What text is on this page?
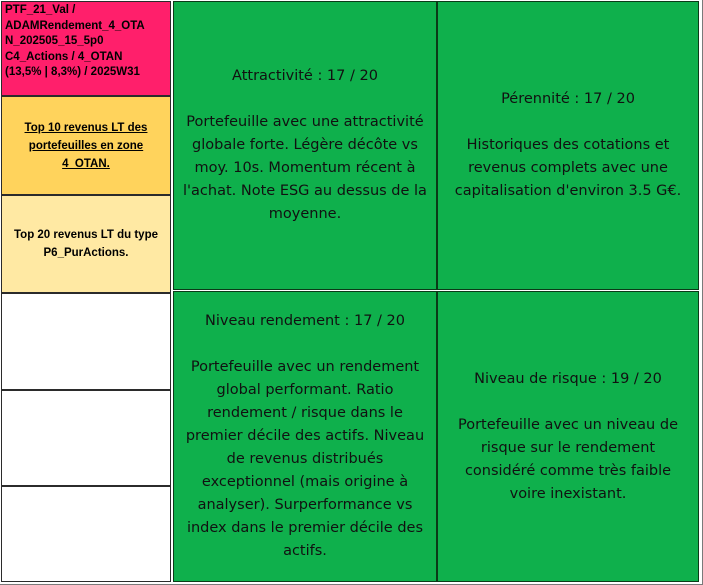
PTF_21_Val /
ADAMRendement_4_OTA
N_202505_15_5p0
C4_Actions / 4_OTAN
(13,5% | 8,3%) / 2025W31
Top 10 revenus LT des portefeuilles en zone 4_OTAN.
Top 20 revenus LT du type P6_PurActions.
Attractivité : 17 / 20
Portefeuille avec une attractivité
globale forte. Légère décôte vs
moy. 10s. Momentum récent à
l'achat. Note ESG au dessus de la
moyenne.
Pérennité : 17 / 20
Historiques des cotations et
revenus complets avec une
capitalisation d'environ 3.5 G€.
Niveau rendement : 17 / 20
Portefeuille avec un rendement
global performant. Ratio
rendement / risque dans le
premier décile des actifs. Niveau
de revenus distribués
exceptionnel (mais origine à
analyser). Surperformance vs
index dans le premier décile des
actifs.
Niveau de risque : 19 / 20
Portefeuille avec un niveau de
risque sur le rendement
considéré comme très faible
voire inexistant.
